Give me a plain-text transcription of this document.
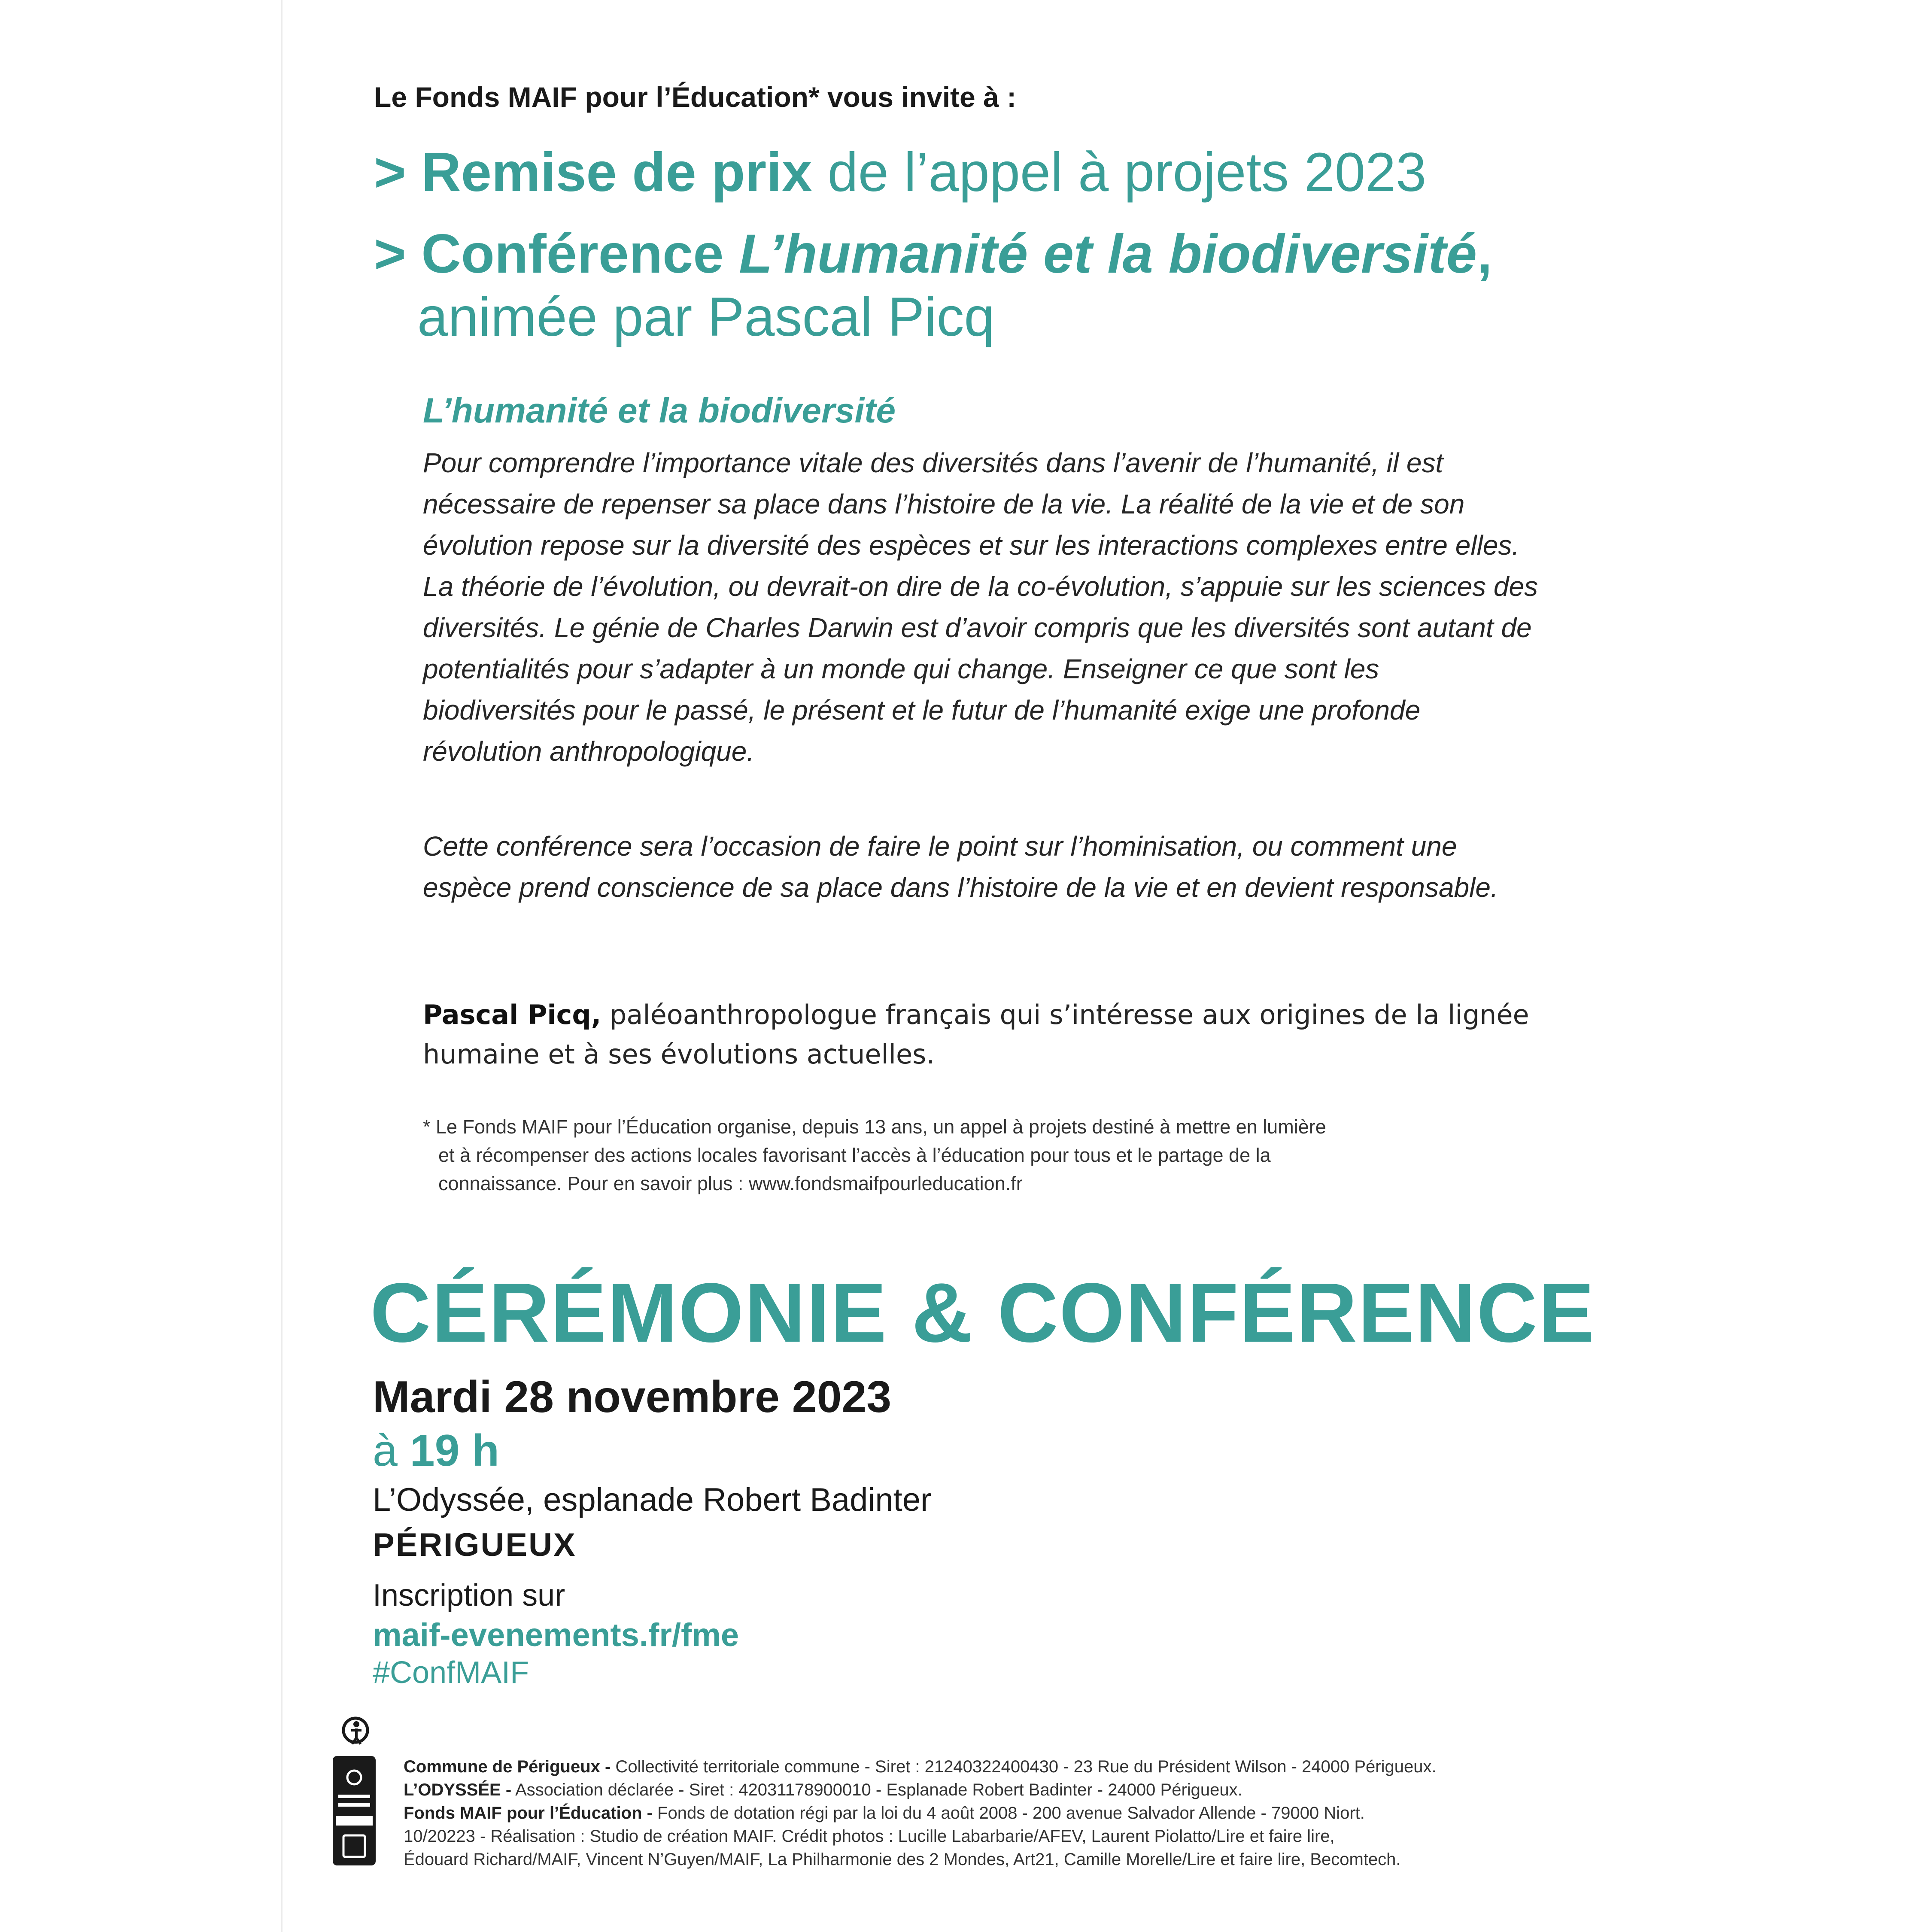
Le Fonds MAIF pour l’Éducation* vous invite à :
> Remise de prix de l’appel à projets 2023
> Conférence L’humanité et la biodiversité,
animée par Pascal Picq
L’humanité et la biodiversité
Pour comprendre l’importance vitale des diversités dans l’avenir de l’humanité, il est nécessaire de repenser sa place dans l’histoire de la vie. La réalité de la vie et de son évolution repose sur la diversité des espèces et sur les interactions complexes entre elles. La théorie de l’évolution, ou devrait-on dire de la co-évolution, s’appuie sur les sciences des diversités. Le génie de Charles Darwin est d’avoir compris que les diversités sont autant de potentialités pour s’adapter à un monde qui change. Enseigner ce que sont les biodiversités pour le passé, le présent et le futur de l’humanité exige une profonde révolution anthropologique.
Cette conférence sera l’occasion de faire le point sur l’hominisation, ou comment une espèce prend conscience de sa place dans l’histoire de la vie et en devient responsable.
Pascal Picq, paléoanthropologue français qui s’intéresse aux origines de la lignée humaine et à ses évolutions actuelles.
* Le Fonds MAIF pour l’Éducation organise, depuis 13 ans, un appel à projets destiné à mettre en lumière
et à récompenser des actions locales favorisant l’accès à l’éducation pour tous et le partage de la
connaissance. Pour en savoir plus : www.fondsmaifpourleducation.fr
CÉRÉMONIE & CONFÉRENCE
Mardi 28 novembre 2023
à 19 h
L’Odyssée, esplanade Robert Badinter
PÉRIGUEUX
Inscription sur
maif-evenements.fr/fme
#ConfMAIF
Commune de Périgueux - Collectivité territoriale commune - Siret : 21240322400430 - 23 Rue du Président Wilson - 24000 Périgueux.
L’ODYSSÉE - Association déclarée - Siret : 42031178900010 - Esplanade Robert Badinter - 24000 Périgueux.
Fonds MAIF pour l’Éducation - Fonds de dotation régi par la loi du 4 août 2008 - 200 avenue Salvador Allende - 79000 Niort.
10/20223 - Réalisation : Studio de création MAIF. Crédit photos : Lucille Labarbarie/AFEV, Laurent Piolatto/Lire et faire lire,
Édouard Richard/MAIF, Vincent N’Guyen/MAIF, La Philharmonie des 2 Mondes, Art21, Camille Morelle/Lire et faire lire, Becomtech.
